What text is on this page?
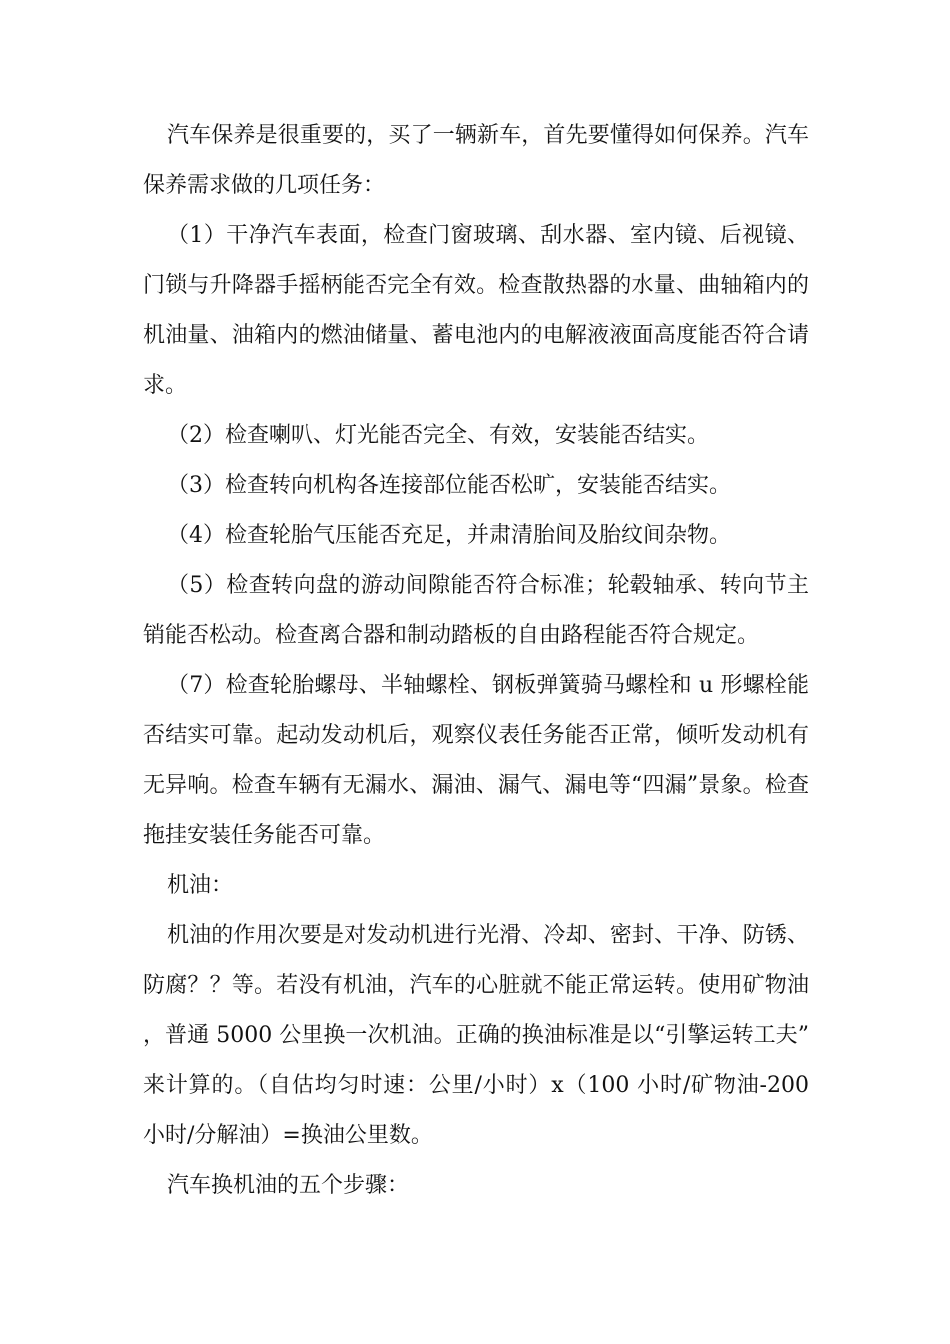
汽车保养是很重要的，买了一辆新车，首先要懂得如何保养。汽车保养需求做的几项任务：

（1）干净汽车表面，检查门窗玻璃、刮水器、室内镜、后视镜、门锁与升降器手摇柄能否完全有效。检查散热器的水量、曲轴箱内的机油量、油箱内的燃油储量、蓄电池内的电解液液面高度能否符合请求。

（2）检查喇叭、灯光能否完全、有效，安装能否结实。

（3）检查转向机构各连接部位能否松旷，安装能否结实。

（4）检查轮胎气压能否充足，并肃清胎间及胎纹间杂物。

（5）检查转向盘的游动间隙能否符合标准；轮毂轴承、转向节主销能否松动。检查离合器和制动踏板的自由路程能否符合规定。

（7）检查轮胎螺母、半轴螺栓、钢板弹簧骑马螺栓和 u 形螺栓能否结实可靠。起动发动机后，观察仪表任务能否正常，倾听发动机有无异响。检查车辆有无漏水、漏油、漏气、漏电等“四漏”景象。检查拖挂安装任务能否可靠。

机油：

机油的作用次要是对发动机进行光滑、冷却、密封、干净、防锈、防腐？？等。若没有机油，汽车的心脏就不能正常运转。使用矿物油，普通 5000 公里换一次机油。正确的换油标准是以“引擎运转工夫”来计算的。（自估均匀时速：公里/小时）x（100 小时/矿物油-200 小时/分解油）=换油公里数。

汽车换机油的五个步骤：
